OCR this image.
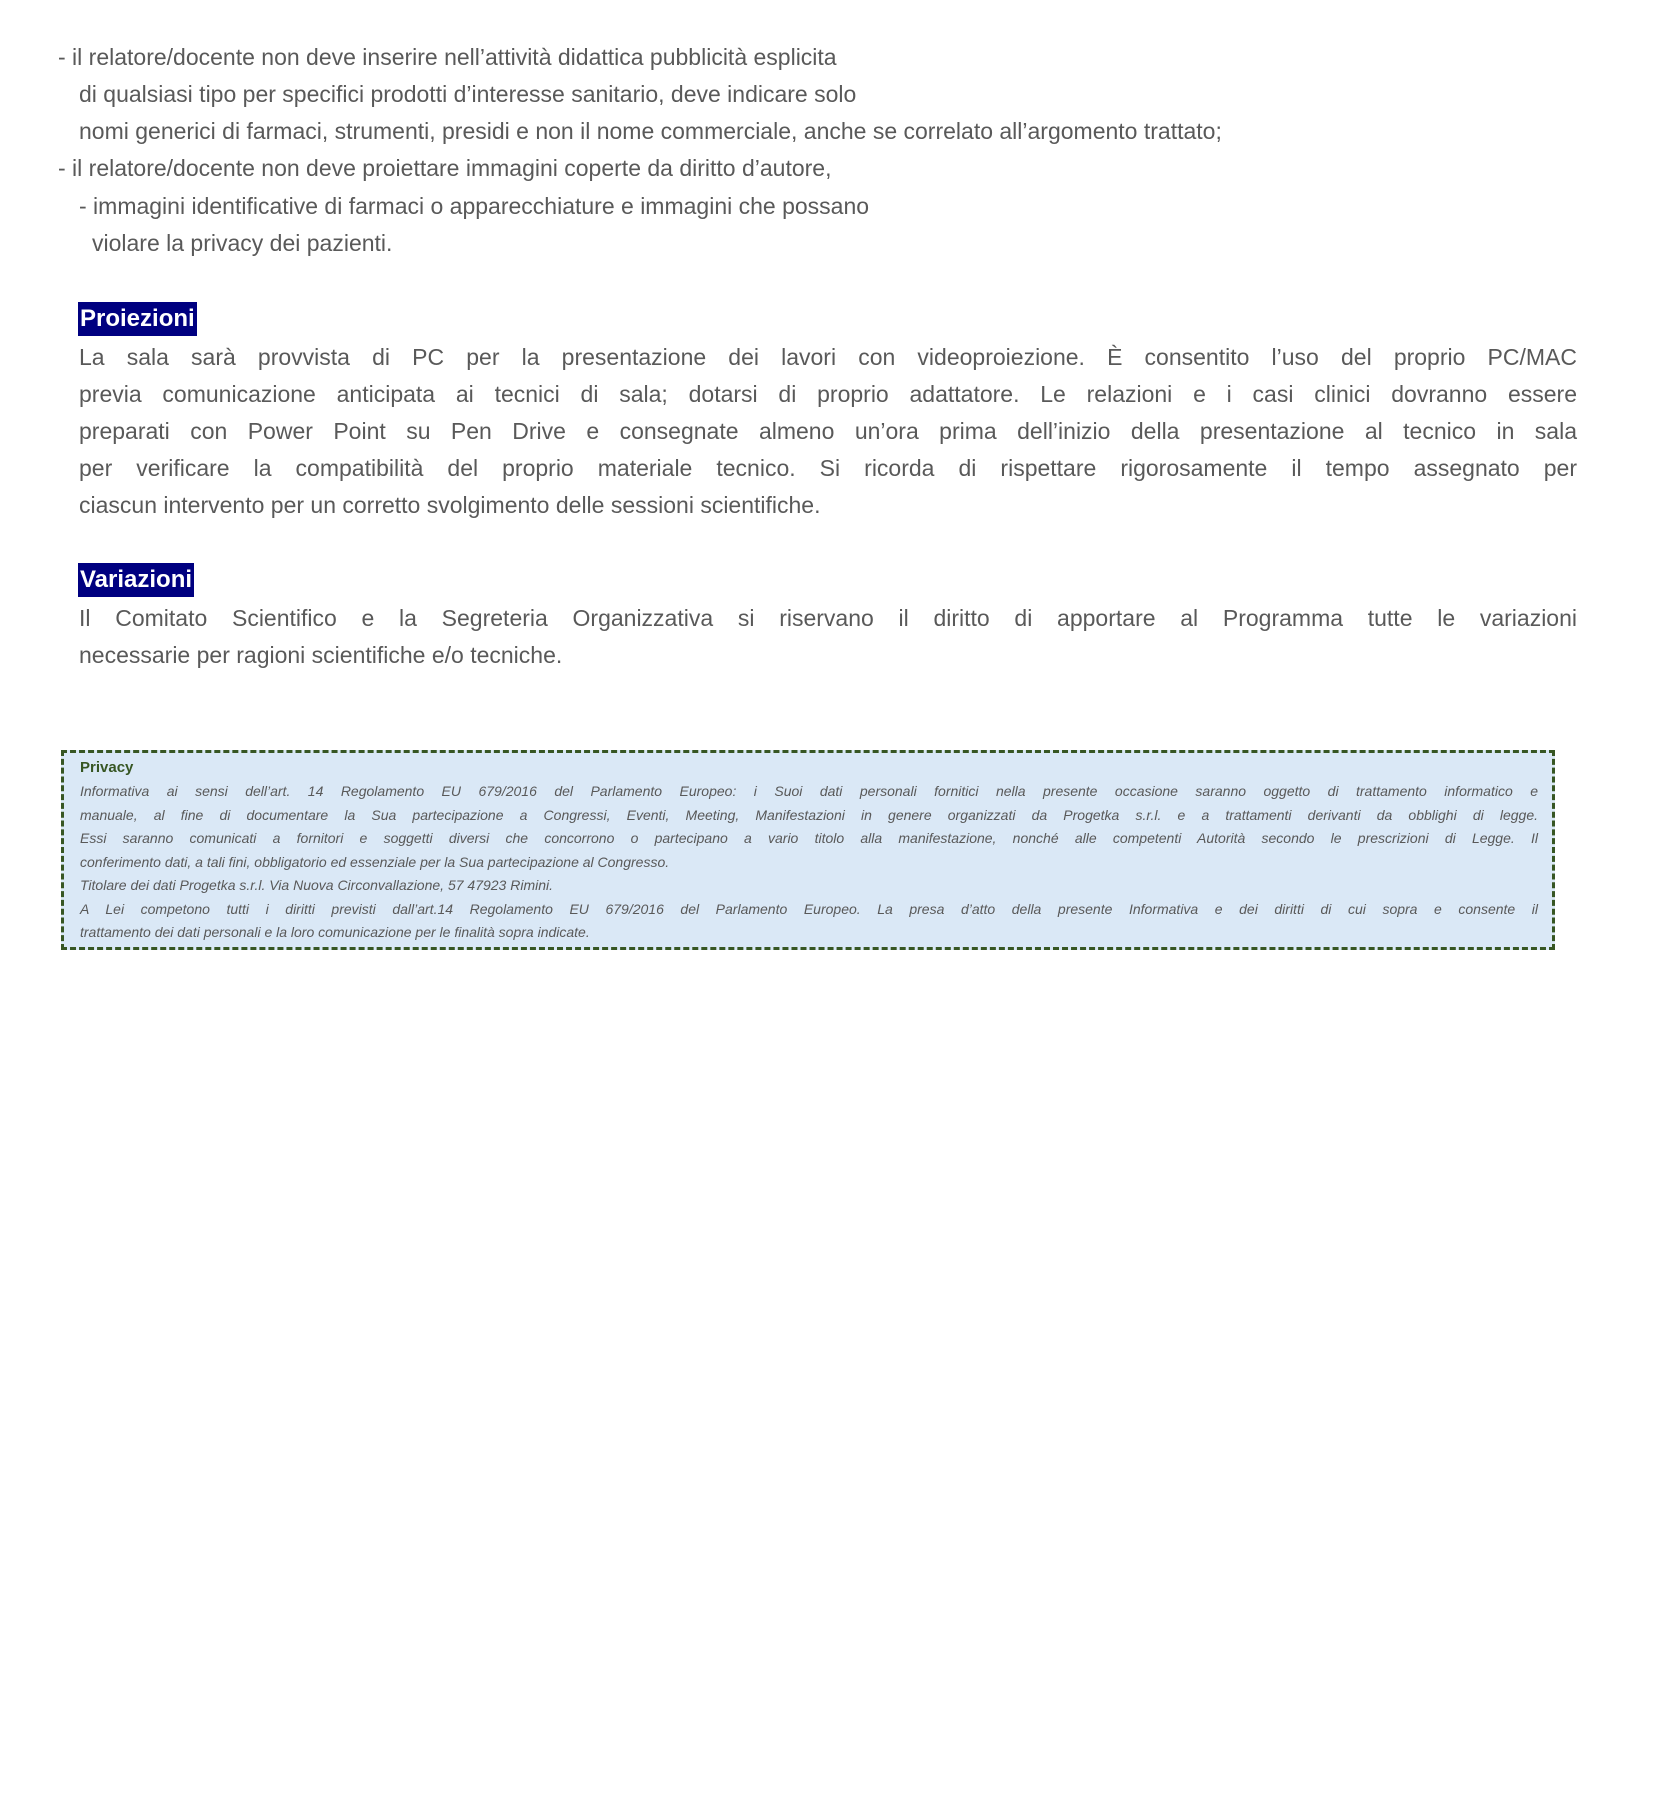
- il relatore/docente non deve inserire nell’attività didattica pubblicità esplicita
di qualsiasi tipo per specifici prodotti d’interesse sanitario, deve indicare solo
nomi generici di farmaci, strumenti, presidi e non il nome commerciale, anche se correlato all’argomento trattato;
- il relatore/docente non deve proiettare immagini coperte da diritto d’autore,
- immagini identificative di farmaci o apparecchiature e immagini che possano
violare la privacy dei pazienti.
Proiezioni
La sala sarà provvista di PC per la presentazione dei lavori con videoproiezione. È consentito l’uso del proprio PC/MAC
previa comunicazione anticipata ai tecnici di sala; dotarsi di proprio adattatore. Le relazioni e i casi clinici dovranno essere
preparati con Power Point su Pen Drive e consegnate almeno un’ora prima dell’inizio della presentazione al tecnico in sala
per verificare la compatibilità del proprio materiale tecnico. Si ricorda di rispettare rigorosamente il tempo assegnato per
ciascun intervento per un corretto svolgimento delle sessioni scientifiche.
Variazioni
Il Comitato Scientifico e la Segreteria Organizzativa si riservano il diritto di apportare al Programma tutte le variazioni
necessarie per ragioni scientifiche e/o tecniche.
Privacy
Informativa ai sensi dell’art. 14 Regolamento EU 679/2016 del Parlamento Europeo: i Suoi dati personali fornitici nella presente occasione saranno oggetto di trattamento informatico e
manuale, al fine di documentare la Sua partecipazione a Congressi, Eventi, Meeting, Manifestazioni in genere organizzati da Progetka s.r.l. e a trattamenti derivanti da obblighi di legge.
Essi saranno comunicati a fornitori e soggetti diversi che concorrono o partecipano a vario titolo alla manifestazione, nonché alle competenti Autorità secondo le prescrizioni di Legge. Il
conferimento dati, a tali fini, obbligatorio ed essenziale per la Sua partecipazione al Congresso.
Titolare dei dati Progetka s.r.l. Via Nuova Circonvallazione, 57 47923 Rimini.
A Lei competono tutti i diritti previsti dall’art.14 Regolamento EU 679/2016 del Parlamento Europeo. La presa d’atto della presente Informativa e dei diritti di cui sopra e consente il
trattamento dei dati personali e la loro comunicazione per le finalità sopra indicate.
